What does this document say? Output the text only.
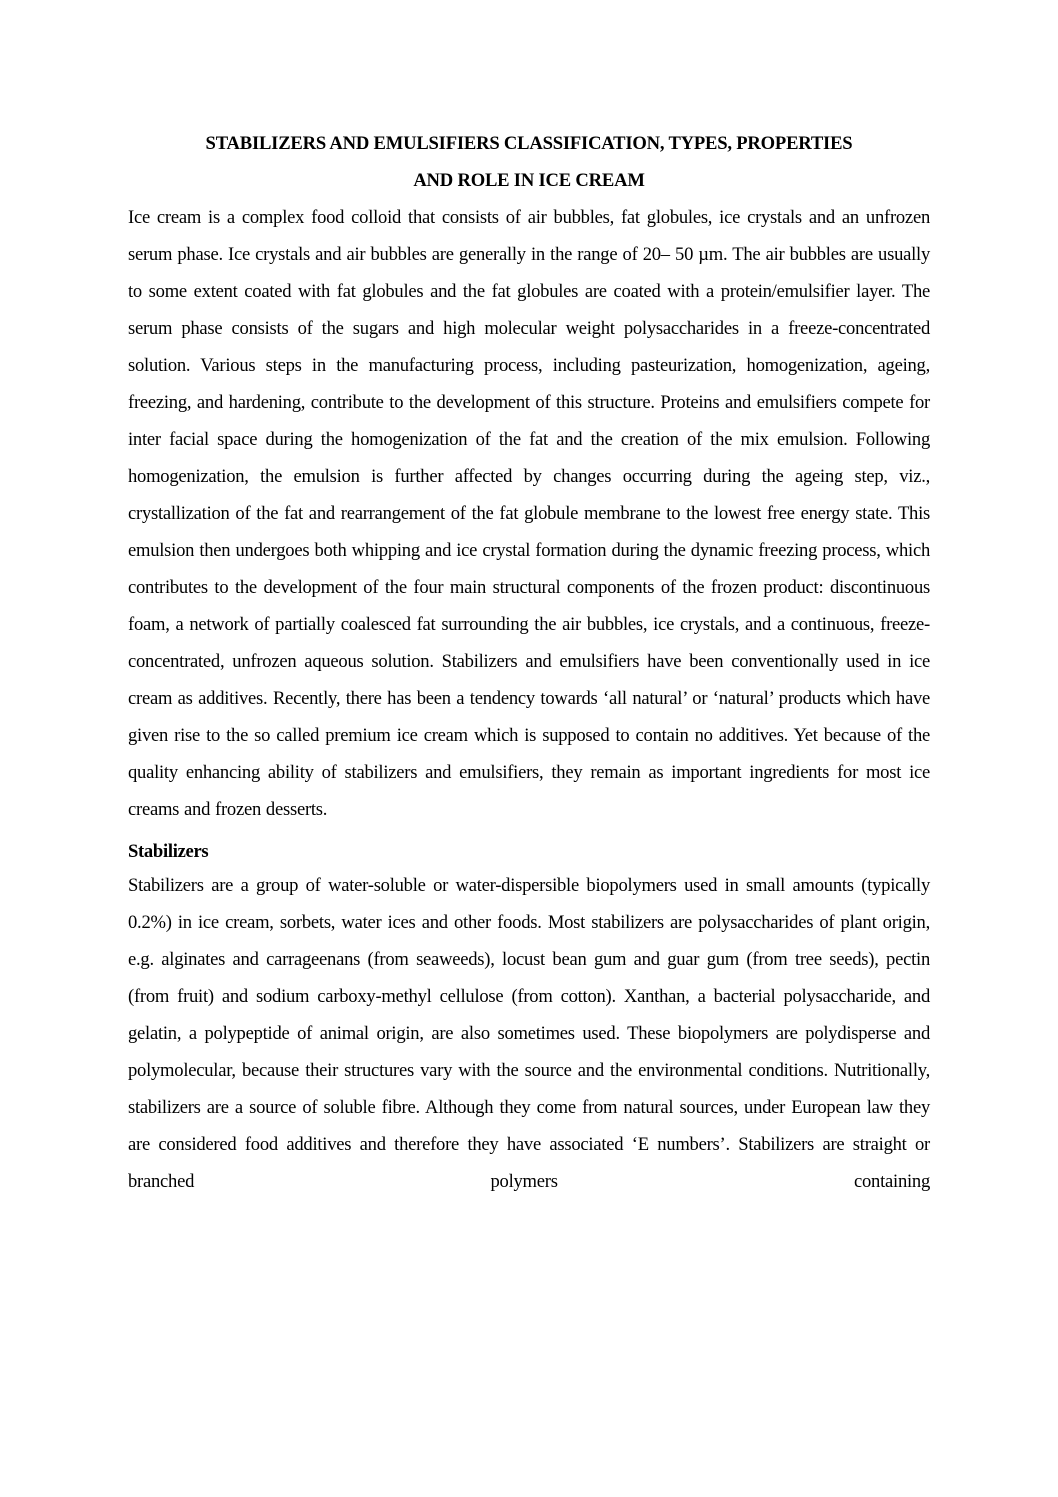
STABILIZERS AND EMULSIFIERS CLASSIFICATION, TYPES, PROPERTIES
AND ROLE IN ICE CREAM

Ice cream is a complex food colloid that consists of air bubbles, fat globules, ice crystals and an unfrozen serum phase. Ice crystals and air bubbles are generally in the range of 20– 50 µm. The air bubbles are usually to some extent coated with fat globules and the fat globules are coated with a protein/emulsifier layer. The serum phase consists of the sugars and high molecular weight polysaccharides in a freeze-concentrated solution. Various steps in the manufacturing process, including pasteurization, homogenization, ageing, freezing, and hardening, contribute to the development of this structure. Proteins and emulsifiers compete for inter facial space during the homogenization of the fat and the creation of the mix emulsion. Following homogenization, the emulsion is further affected by changes occurring during the ageing step, viz., crystallization of the fat and rearrangement of the fat globule membrane to the lowest free energy state. This emulsion then undergoes both whipping and ice crystal formation during the dynamic freezing process, which contributes to the development of the four main structural components of the frozen product: discontinuous foam, a network of partially coalesced fat surrounding the air bubbles, ice crystals, and a continuous, freeze-concentrated, unfrozen aqueous solution. Stabilizers and emulsifiers have been conventionally used in ice cream as additives. Recently, there has been a tendency towards ‘all natural’ or ‘natural’ products which have given rise to the so called premium ice cream which is supposed to contain no additives. Yet because of the quality enhancing ability of stabilizers and emulsifiers, they remain as important ingredients for most ice creams and frozen desserts.

Stabilizers

Stabilizers are a group of water-soluble or water-dispersible biopolymers used in small amounts (typically 0.2%) in ice cream, sorbets, water ices and other foods. Most stabilizers are polysaccharides of plant origin, e.g. alginates and carrageenans (from seaweeds), locust bean gum and guar gum (from tree seeds), pectin (from fruit) and sodium carboxy-methyl cellulose (from cotton). Xanthan, a bacterial polysaccharide, and gelatin, a polypeptide of animal origin, are also sometimes used. These biopolymers are polydisperse and polymolecular, because their structures vary with the source and the environmental conditions. Nutritionally, stabilizers are a source of soluble fibre. Although they come from natural sources, under European law they are considered food additives and therefore they have associated ‘E numbers’. Stabilizers are straight or branched polymers containing
